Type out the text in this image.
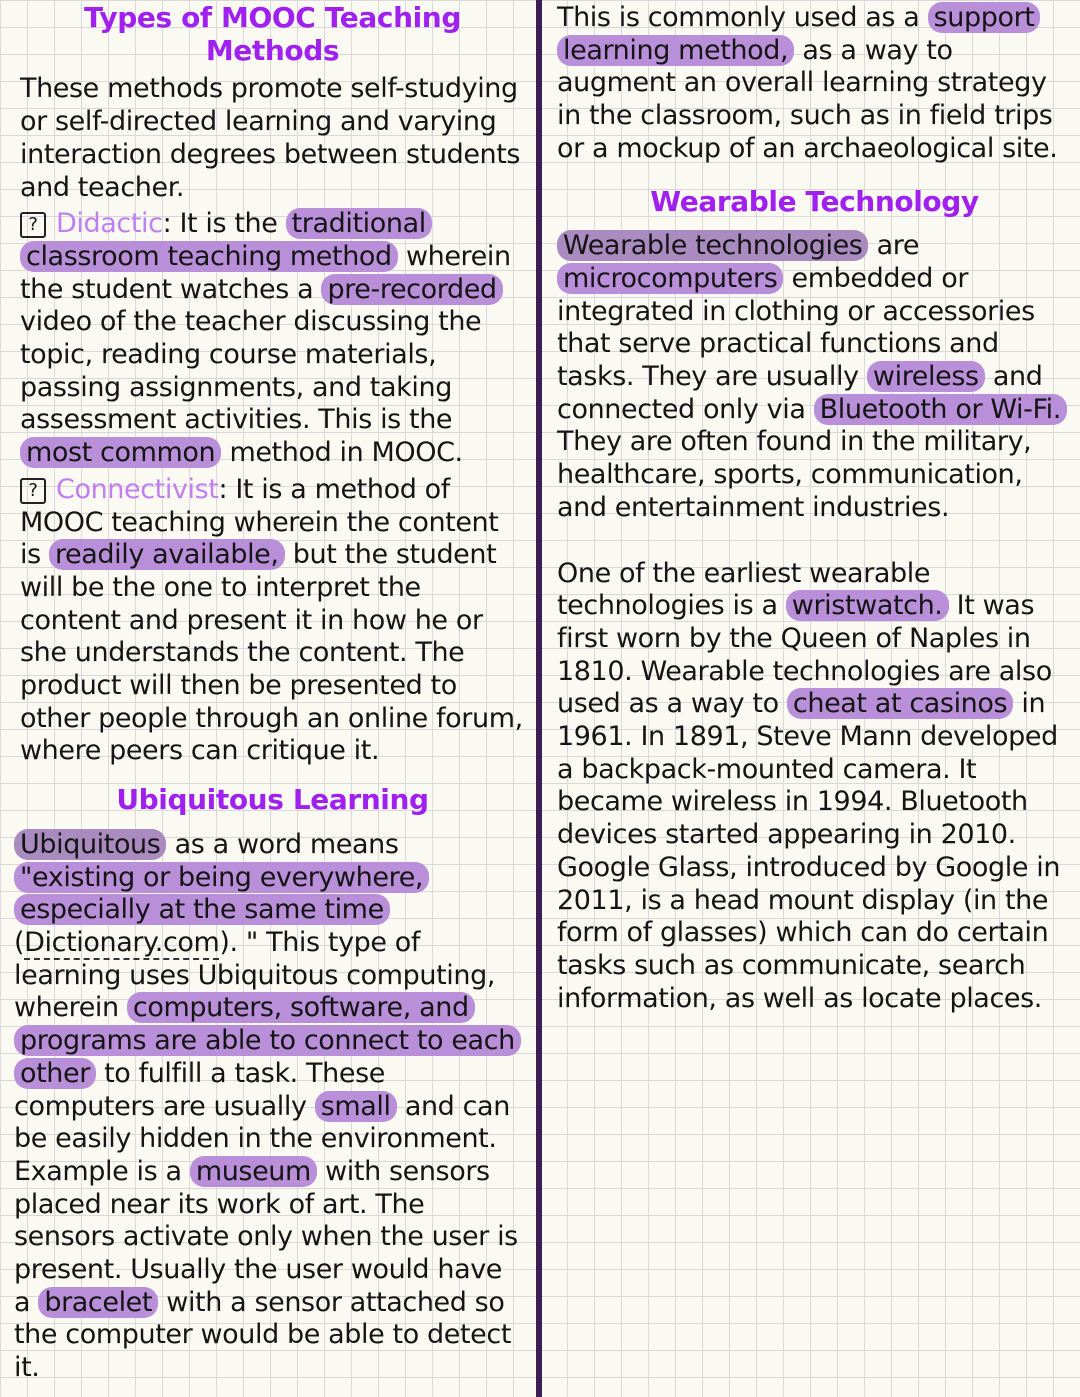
Types of MOOC Teaching Methods

These methods promote self-studying or self-directed learning and varying interaction degrees between students and teacher.

? Didactic: It is the traditional classroom teaching method wherein the student watches a pre-recorded video of the teacher discussing the topic, reading course materials, passing assignments, and taking assessment activities. This is the most common method in MOOC.

? Connectivist: It is a method of MOOC teaching wherein the content is readily available, but the student will be the one to interpret the content and present it in how he or she understands the content. The product will then be presented to other people through an online forum, where peers can critique it.

Ubiquitous Learning

Ubiquitous as a word means "existing or being everywhere, especially at the same time (Dictionary.com). " This type of learning uses Ubiquitous computing, wherein computers, software, and programs are able to connect to each other to fulfill a task. These computers are usually small and can be easily hidden in the environment. Example is a museum with sensors placed near its work of art. The sensors activate only when the user is present. Usually the user would have a bracelet with a sensor attached so

the computer would be able to detect it.

This is commonly used as a support learning method, as a way to augment an overall learning strategy in the classroom, such as in field trips or a mockup of an archaeological site.

Wearable Technology

Wearable technologies are microcomputers embedded or integrated in clothing or accessories that serve practical functions and tasks. They are usually wireless and connected only via Bluetooth or Wi-Fi. They are often found in the military, healthcare, sports, communication, and entertainment industries.

One of the earliest wearable technologies is a wristwatch. It was first worn by the Queen of Naples in 1810. Wearable technologies are also used as a way to cheat at casinos in 1961. In 1891, Steve Mann developed a backpack-mounted camera. It became wireless in 1994. Bluetooth devices started appearing in 2010. Google Glass, introduced by Google in 2011, is a head mount display (in the form of glasses) which can do certain tasks such as communicate, search information, as well as locate places.
